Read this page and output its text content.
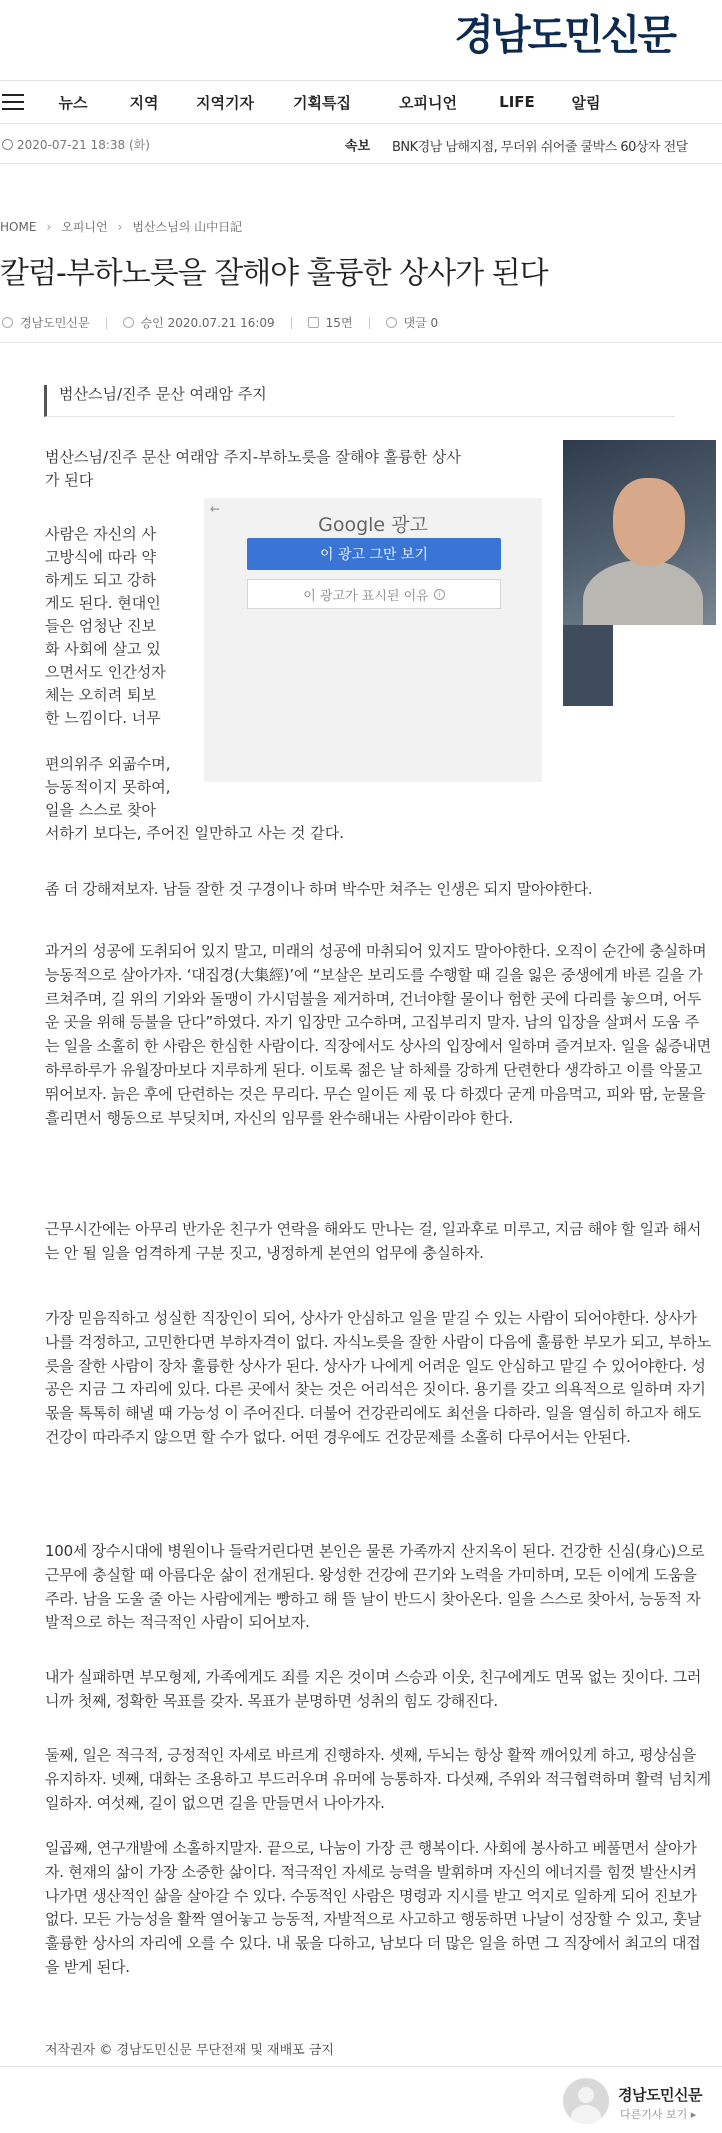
경남도민신문
뉴스	지역	지역기자	기획특집	오피니언	LIFE	알림
2020-07-21 18:38 (화)	속보 BNK경남 남해지점, 무더위 쉬어줄 쿨박스 60상자 전달
HOME › 오피니언 › 범산스님의 山中日記
칼럼-부하노릇을 잘해야 훌륭한 상사가 된다
경남도민신문	승인 2020.07.21 16:09	15면	댓글 0
범산스님/진주 문산 여래암 주지
범산스님/진주 문산 여래암 주지-부하노릇을 잘해야 훌륭한 상사
가 된다
사람은 자신의 사
고방식에 따라 약
하게도 되고 강하
게도 된다. 현대인
들은 엄청난 진보
화 사회에 살고 있
으면서도 인간성자
체는 오히려 퇴보
한 느낌이다. 너무
편의위주 외곪수며,
능동적이지 못하여,
일을 스스로 찾아
서하기 보다는, 주어진 일만하고 사는 것 같다.
←
Google 광고
이 광고 그만 보기
이 광고가 표시된 이유	i

좀 더 강해져보자. 남들 잘한 것 구경이나 하며 박수만 쳐주는 인생은 되지 말아야한다.

과거의 성공에 도취되어 있지 말고, 미래의 성공에 마취되어 있지도 말아야한다. 오직이 순간에 충실하며 능동적으로 살아가자. ‘대집경(大集經)’에 “보살은 보리도를 수행할 때 길을 잃은 중생에게 바른 길을 가르쳐주며, 길 위의 기와와 돌맹이 가시덤불을 제거하며, 건너야할 물이나 험한 곳에 다리를 놓으며, 어두운 곳을 위해 등불을 단다”하였다. 자기 입장만 고수하며, 고집부리지 말자. 남의 입장을 살펴서 도움 주는 일을 소홀히 한 사람은 한심한 사람이다. 직장에서도 상사의 입장에서 일하며 즐겨보자. 일을 싫증내면 하루하루가 유월장마보다 지루하게 된다. 이토록 젊은 날 하체를 강하게 단련한다 생각하고 이를 악물고 뛰어보자. 늙은 후에 단련하는 것은 무리다. 무슨 일이든 제 몫 다 하겠다 굳게 마음먹고, 피와 땀, 눈물을 흘리면서 행동으로 부딪치며, 자신의 임무를 완수해내는 사람이라야 한다.

근무시간에는 아무리 반가운 친구가 연락을 해와도 만나는 걸, 일과후로 미루고, 지금 해야 할 일과 해서는 안 될 일을 엄격하게 구분 짓고, 냉정하게 본연의 업무에 충실하자.

가장 믿음직하고 성실한 직장인이 되어, 상사가 안심하고 일을 맡길 수 있는 사람이 되어야한다. 상사가 나를 걱정하고, 고민한다면 부하자격이 없다. 자식노릇을 잘한 사람이 다음에 훌륭한 부모가 되고, 부하노릇을 잘한 사람이 장차 훌륭한 상사가 된다. 상사가 나에게 어려운 일도 안심하고 맡길 수 있어야한다. 성공은 지금 그 자리에 있다. 다른 곳에서 찾는 것은 어리석은 짓이다. 용기를 갖고 의욕적으로 일하며 자기 몫을 톡톡히 해낼 때 가능성 이 주어진다. 더불어 건강관리에도 최선을 다하라. 일을 열심히 하고자 해도 건강이 따라주지 않으면 할 수가 없다. 어떤 경우에도 건강문제를 소홀히 다루어서는 안된다.

100세 장수시대에 병원이나 들락거린다면 본인은 물론 가족까지 산지옥이 된다. 건강한 신심(身心)으로 근무에 충실할 때 아름다운 삶이 전개된다. 왕성한 건강에 끈기와 노력을 가미하며, 모든 이에게 도움을 주라. 남을 도울 줄 아는 사람에게는 빵하고 해 뜰 날이 반드시 찾아온다. 일을 스스로 찾아서, 능동적 자발적으로 하는 적극적인 사람이 되어보자.

내가 실패하면 부모형제, 가족에게도 죄를 지은 것이며 스승과 이웃, 친구에게도 면목 없는 짓이다. 그러니까 첫째, 정확한 목표를 갖자. 목표가 분명하면 성취의 힘도 강해진다.

둘째, 일은 적극적, 긍정적인 자세로 바르게 진행하자. 셋째, 두뇌는 항상 활짝 깨어있게 하고, 평상심을 유지하자. 넷째, 대화는 조용하고 부드러우며 유머에 능통하자. 다섯째, 주위와 적극협력하며 활력 넘치게 일하자. 여섯째, 길이 없으면 길을 만들면서 나아가자.

일곱째, 연구개발에 소홀하지말자. 끝으로, 나눔이 가장 큰 행복이다. 사회에 봉사하고 베풀면서 살아가자. 현재의 삶이 가장 소중한 삶이다. 적극적인 자세로 능력을 발휘하며 자신의 에너지를 힘껏 발산시켜 나가면 생산적인 삶을 살아갈 수 있다. 수동적인 사람은 명령과 지시를 받고 억지로 일하게 되어 진보가 없다. 모든 가능성을 활짝 열어놓고 능동적, 자발적으로 사고하고 행동하면 나날이 성장할 수 있고, 훗날 훌륭한 상사의 자리에 오를 수 있다. 내 몫을 다하고, 남보다 더 많은 일을 하면 그 직장에서 최고의 대접을 받게 된다.

저작권자 © 경남도민신문 무단전재 및 재배포 금지
경남도민신문
다른기사 보기 ▸
